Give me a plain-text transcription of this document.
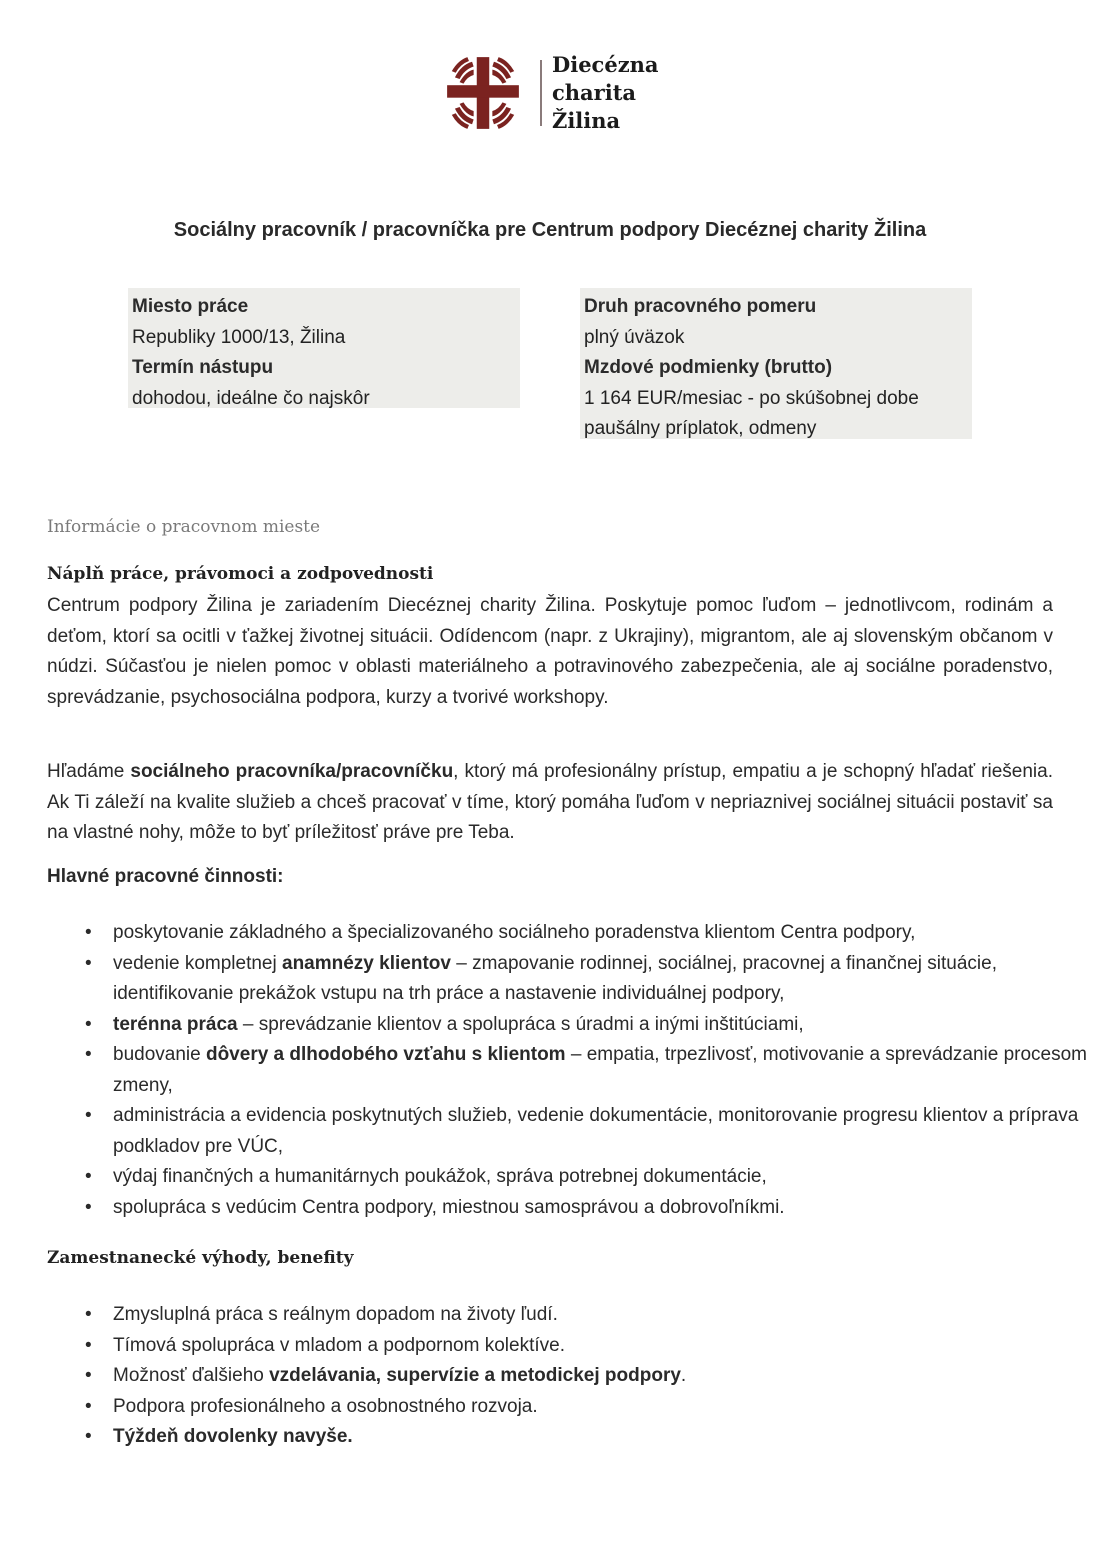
Diecézna
charita
Žilina
Sociálny pracovník / pracovníčka pre Centrum podpory Diecéznej charity Žilina
Miesto práce
Republiky 1000/13, Žilina
Termín nástupu
dohodou, ideálne čo najskôr
Druh pracovného pomeru
plný úväzok
Mzdové podmienky (brutto)
1 164 EUR/mesiac - po skúšobnej dobe
paušálny príplatok, odmeny
Informácie o pracovnom mieste
Náplň práce, právomoci a zodpovednosti
Centrum podpory Žilina je zariadením Diecéznej charity Žilina. Poskytuje pomoc ľuďom – jednotlivcom, rodinám a deťom, ktorí sa ocitli v ťažkej životnej situácii. Odídencom (napr. z Ukrajiny), migrantom, ale aj slovenským občanom v núdzi. Súčasťou je nielen pomoc v oblasti materiálneho a potravinového zabezpečenia, ale aj sociálne poradenstvo, sprevádzanie, psychosociálna podpora, kurzy a tvorivé workshopy.
Hľadáme sociálneho pracovníka/pracovníčku, ktorý má profesionálny prístup, empatiu a je schopný hľadať riešenia. Ak Ti záleží na kvalite služieb a chceš pracovať v tíme, ktorý pomáha ľuďom v nepriaznivej sociálnej situácii postaviť sa na vlastné nohy, môže to byť príležitosť práve pre Teba.
Hlavné pracovné činnosti:
• poskytovanie základného a špecializovaného sociálneho poradenstva klientom Centra podpory,
• vedenie kompletnej anamnézy klientov – zmapovanie rodinnej, sociálnej, pracovnej a finančnej situácie, identifikovanie prekážok vstupu na trh práce a nastavenie individuálnej podpory,
• terénna práca – sprevádzanie klientov a spolupráca s úradmi a inými inštitúciami,
• budovanie dôvery a dlhodobého vzťahu s klientom – empatia, trpezlivosť, motivovanie a sprevádzanie procesom zmeny,
• administrácia a evidencia poskytnutých služieb, vedenie dokumentácie, monitorovanie progresu klientov a príprava podkladov pre VÚC,
• výdaj finančných a humanitárnych poukážok, správa potrebnej dokumentácie,
• spolupráca s vedúcim Centra podpory, miestnou samosprávou a dobrovoľníkmi.
Zamestnanecké výhody, benefity
• Zmysluplná práca s reálnym dopadom na životy ľudí.
• Tímová spolupráca v mladom a podpornom kolektíve.
• Možnosť ďalšieho vzdelávania, supervízie a metodickej podpory.
• Podpora profesionálneho a osobnostného rozvoja.
• Týždeň dovolenky navyše.
